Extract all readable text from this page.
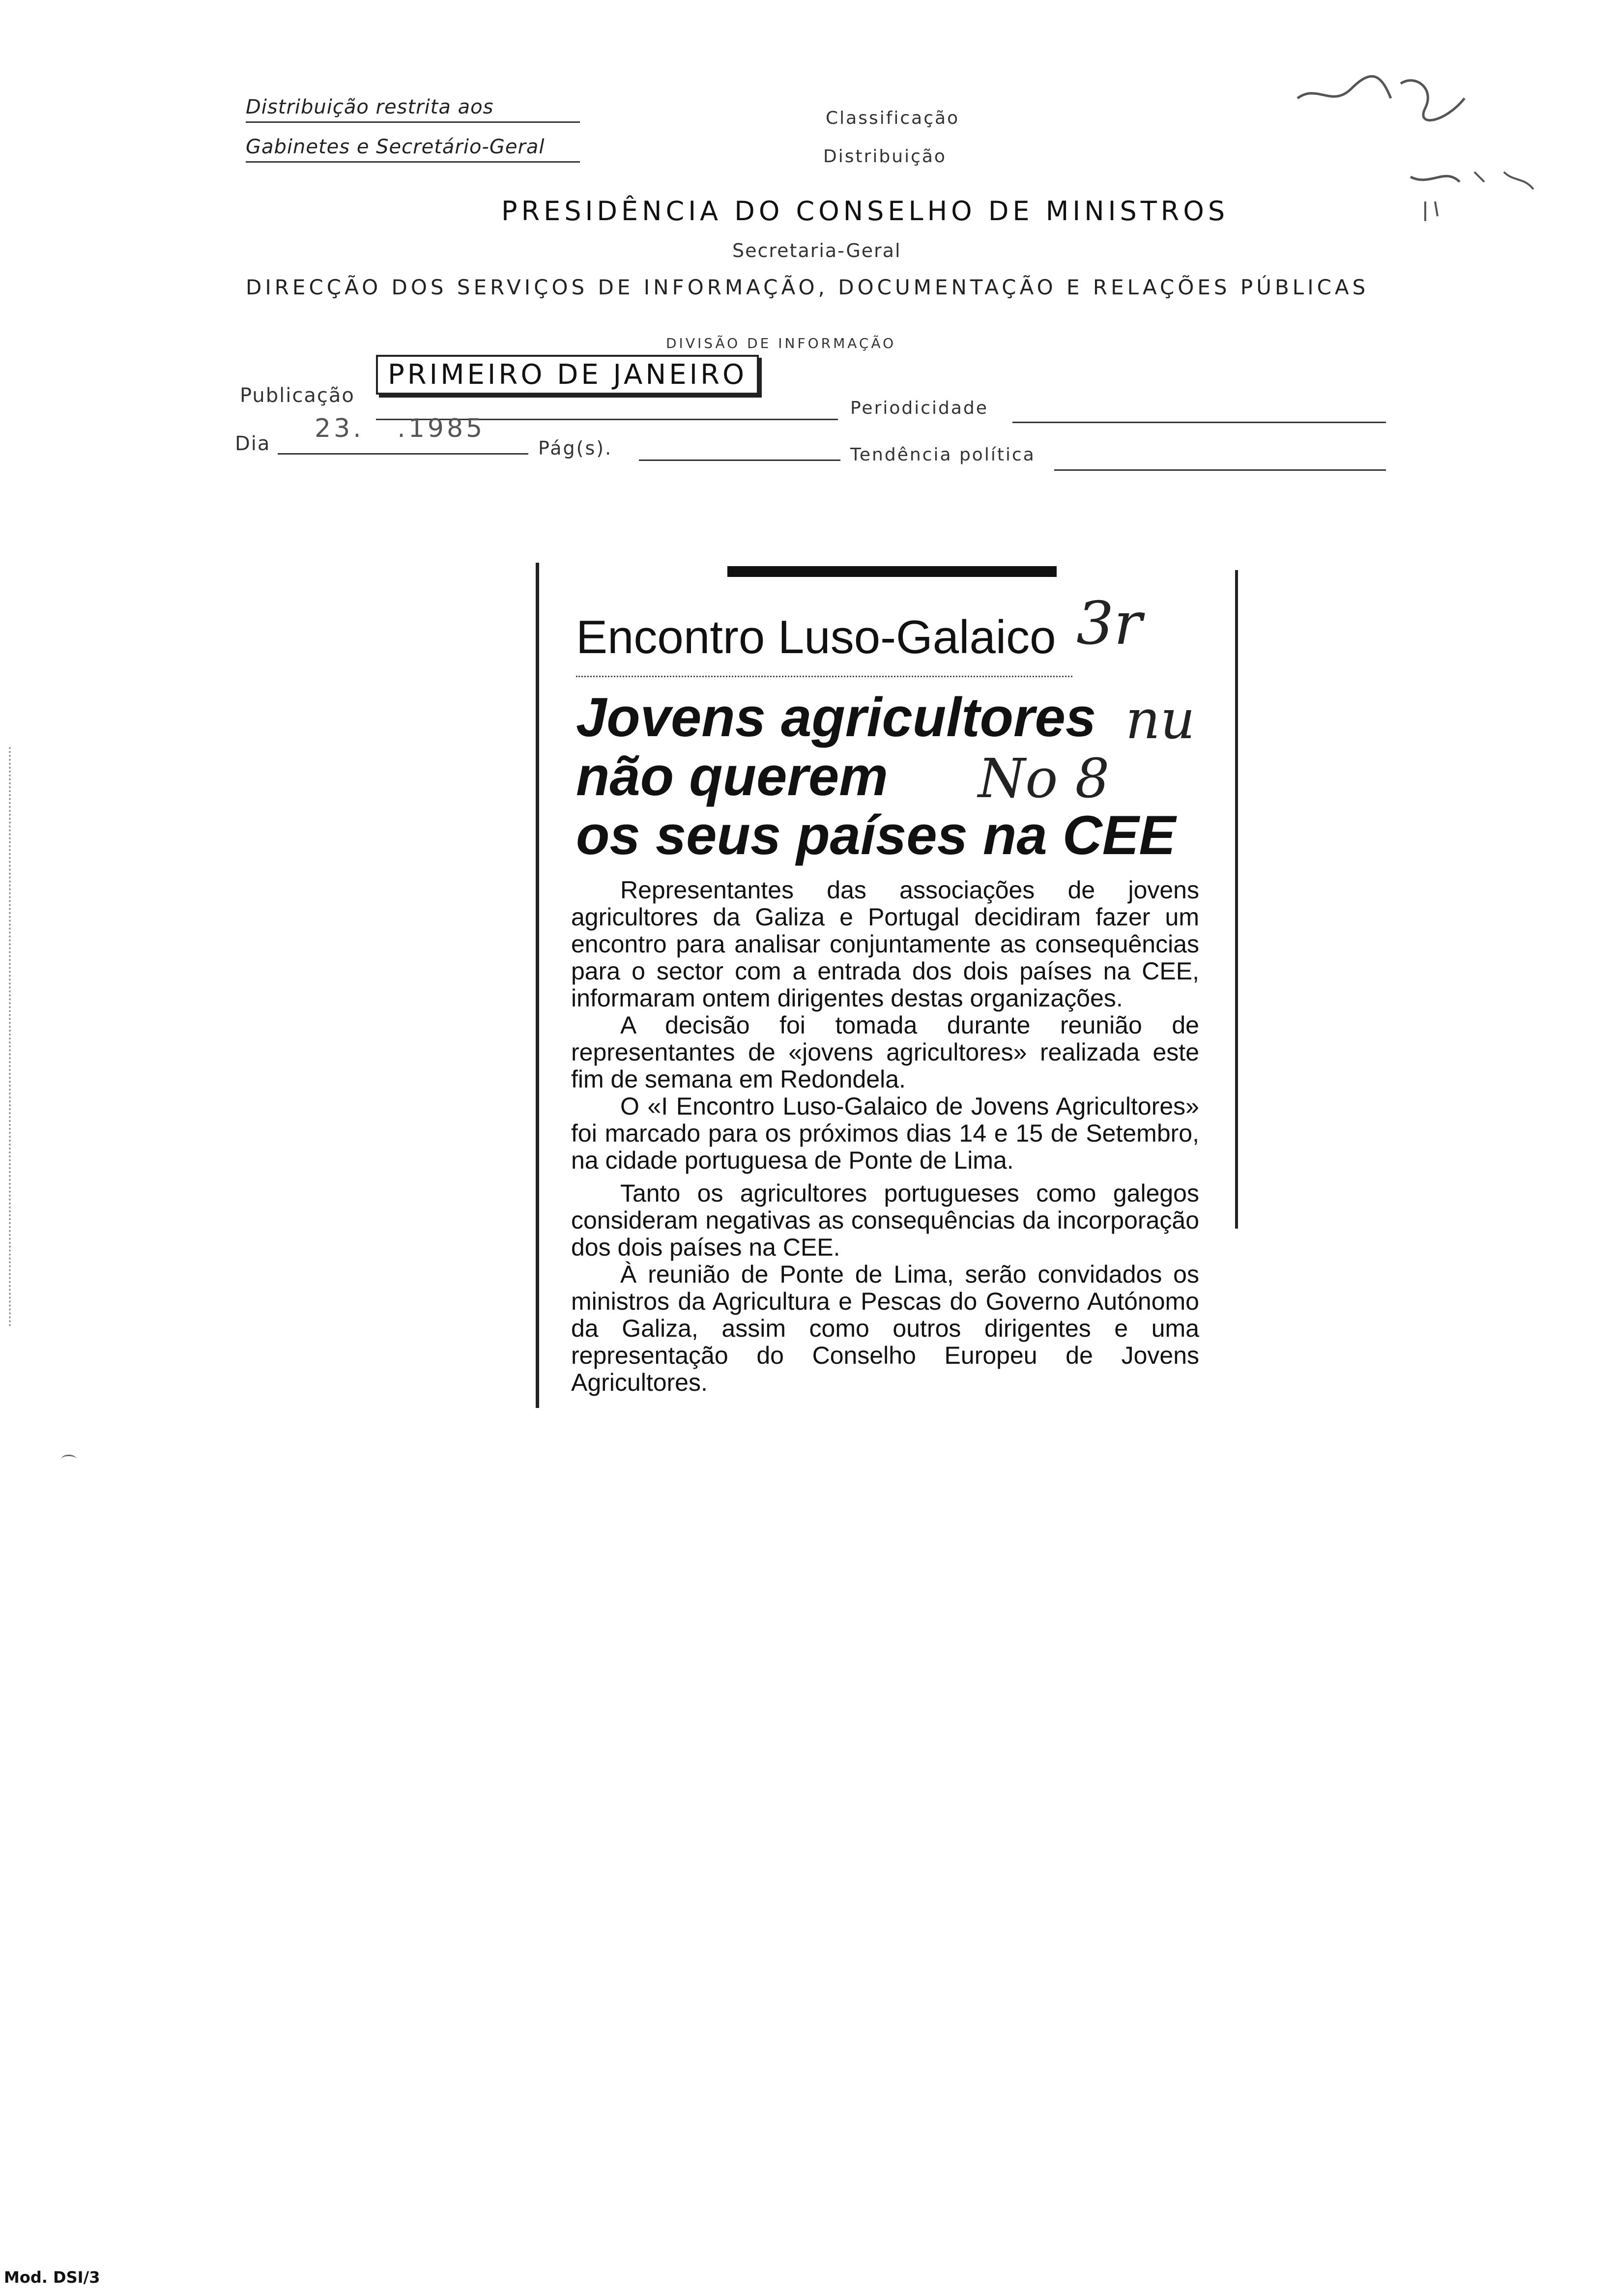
Distribuição restrita aos
Gabinetes e Secretário-Geral
Classificação
Distribuição
PRESIDÊNCIA DO CONSELHO DE MINISTROS
Secretaria-Geral
DIRECÇÃO DOS SERVIÇOS DE INFORMAÇÃO, DOCUMENTAÇÃO E RELAÇÕES PÚBLICAS
DIVISÃO DE INFORMAÇÃO
Publicação
PRIMEIRO DE JANEIRO
Periodicidade
Dia
23.   .1985
Pág(s).	Tendência política
Encontro Luso-Galaico 3r
Jovens agricultores
não querem
os seus países na CEE
nu
No 8

Representantes das associações de jovens agricultores da Galiza e Portugal decidiram fazer um encontro para analisar conjuntamente as consequências para o sector com a entrada dos dois países na CEE, informaram ontem dirigentes destas organizações.

A decisão foi tomada durante reunião de representantes de «jovens agricultores» realizada este fim de semana em Redondela.

O «I Encontro Luso-Galaico de Jovens Agricultores» foi marcado para os próximos dias 14 e 15 de Setembro, na cidade portuguesa de Ponte de Lima.

Tanto os agricultores portugueses como galegos consideram negativas as consequências da incorporação dos dois países na CEE.

À reunião de Ponte de Lima, serão convidados os ministros da Agricultura e Pescas do Governo Autónomo da Galiza, assim como outros dirigentes e uma representação do Conselho Europeu de Jovens Agricultores.

Mod. DSI/3
